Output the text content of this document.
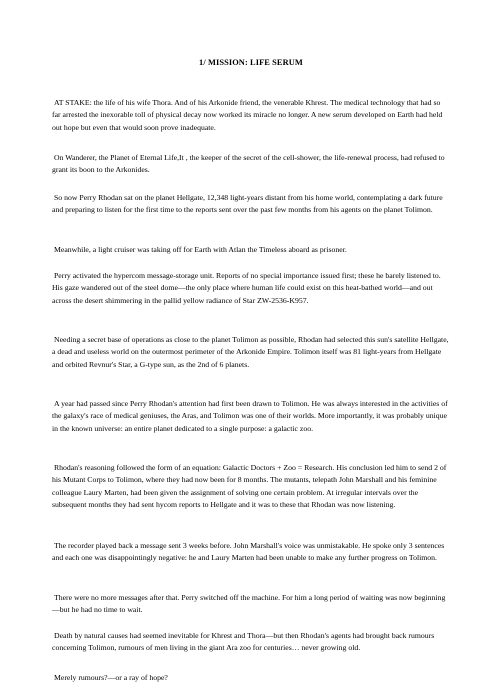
1/ MISSION: LIFE SERUM

AT STAKE: the life of his wife Thora. And of his Arkonide friend, the venerable Khrest. The medical technology that had so far arrested the inexorable toll of physical decay now worked its miracle no longer. A new serum developed on Earth had held out hope but even that would soon prove inadequate.

On Wanderer, the Planet of Eternal Life,It , the keeper of the secret of the cell-shower, the life-renewal process, had refused to grant its boon to the Arkonides.

So now Perry Rhodan sat on the planet Hellgate, 12,348 light-years distant from his home world, contemplating a dark future and preparing to listen for the first time to the reports sent over the past few months from his agents on the planet Tolimon.

Meanwhile, a light cruiser was taking off for Earth with Atlan the Timeless aboard as prisoner.

Perry activated the hypercom message-storage unit. Reports of no special importance issued first; these he barely listened to. His gaze wandered out of the steel dome—the only place where human life could exist on this heat-bathed world—and out across the desert shimmering in the pallid yellow radiance of Star ZW-2536-K957.

Needing a secret base of operations as close to the planet Tolimon as possible, Rhodan had selected this sun's satellite Hellgate, a dead and useless world on the outermost perimeter of the Arkonide Empire. Tolimon itself was 81 light-years from Hellgate and orbited Revnur's Star, a G-type sun, as the 2nd of 6 planets.

A year had passed since Perry Rhodan's attention had first been drawn to Tolimon. He was always interested in the activities of the galaxy's race of medical geniuses, the Aras, and Tolimon was one of their worlds. More importantly, it was probably unique in the known universe: an entire planet dedicated to a single purpose: a galactic zoo.

Rhodan's reasoning followed the form of an equation: Galactic Doctors + Zoo = Research. His conclusion led him to send 2 of his Mutant Corps to Tolimon, where they had now been for 8 months. The mutants, telepath John Marshall and his feminine colleague Laury Marten, had been given the assignment of solving one certain problem. At irregular intervals over the subsequent months they had sent hycom reports to Hellgate and it was to these that Rhodan was now listening.

The recorder played back a message sent 3 weeks before. John Marshall's voice was unmistakable. He spoke only 3 sentences and each one was disappointingly negative: he and Laury Marten had been unable to make any further progress on Tolimon.

There were no more messages after that. Perry switched off the machine. For him a long period of waiting was now beginning—but he had no time to wait.

Death by natural causes had seemed inevitable for Khrest and Thora—but then Rhodan's agents had brought back rumours concerning Tolimon, rumours of men living in the giant Ara zoo for centuries… never growing old.

Merely rumours?—or a ray of hope?
